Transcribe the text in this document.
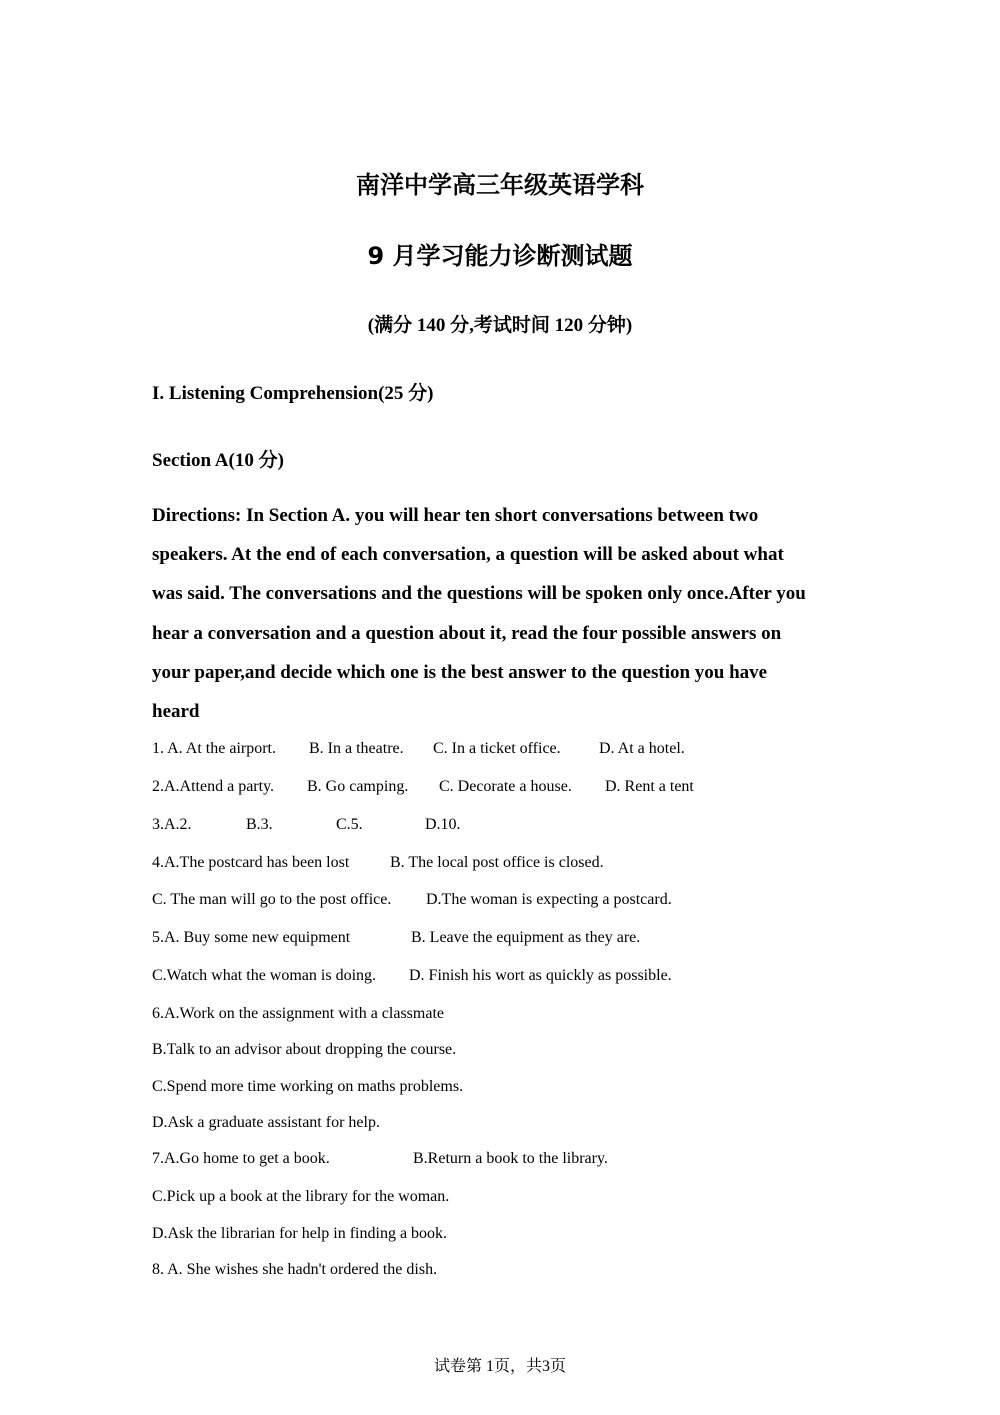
南洋中学高三年级英语学科
9 月学习能力诊断测试题
(满分 140 分,考试时间 120 分钟)
I. Listening Comprehension(25 分)
Section A(10 分)
Directions: In Section A. you will hear ten short conversations between two
speakers. At the end of each conversation, a question will be asked about what
was said. The conversations and the questions will be spoken only once.After you
hear a conversation and a question about it, read the four possible answers on
your paper,and decide which one is the best answer to the question you have
heard
1. A. At the airport. B. In a theatre. C. In a ticket office. D. At a hotel.
2.A.Attend a party. B. Go camping. C. Decorate a house. D. Rent a tent
3.A.2.	B.3.	C.5.	D.10.
4.A.The postcard has been lost	B. The local post office is closed.
C. The man will go to the post office. D.The woman is expecting a postcard.
5.A. Buy some new equipment	B. Leave the equipment as they are.
C.Watch what the woman is doing. D. Finish his wort as quickly as possible.
6.A.Work on the assignment with a classmate
B.Talk to an advisor about dropping the course.
C.Spend more time working on maths problems.
D.Ask a graduate assistant for help.
7.A.Go home to get a book.	B.Return a book to the library.
C.Pick up a book at the library for the woman.
D.Ask the librarian for help in finding a book.
8. A. She wishes she hadn't ordered the dish.
试卷第 1页，共3页
